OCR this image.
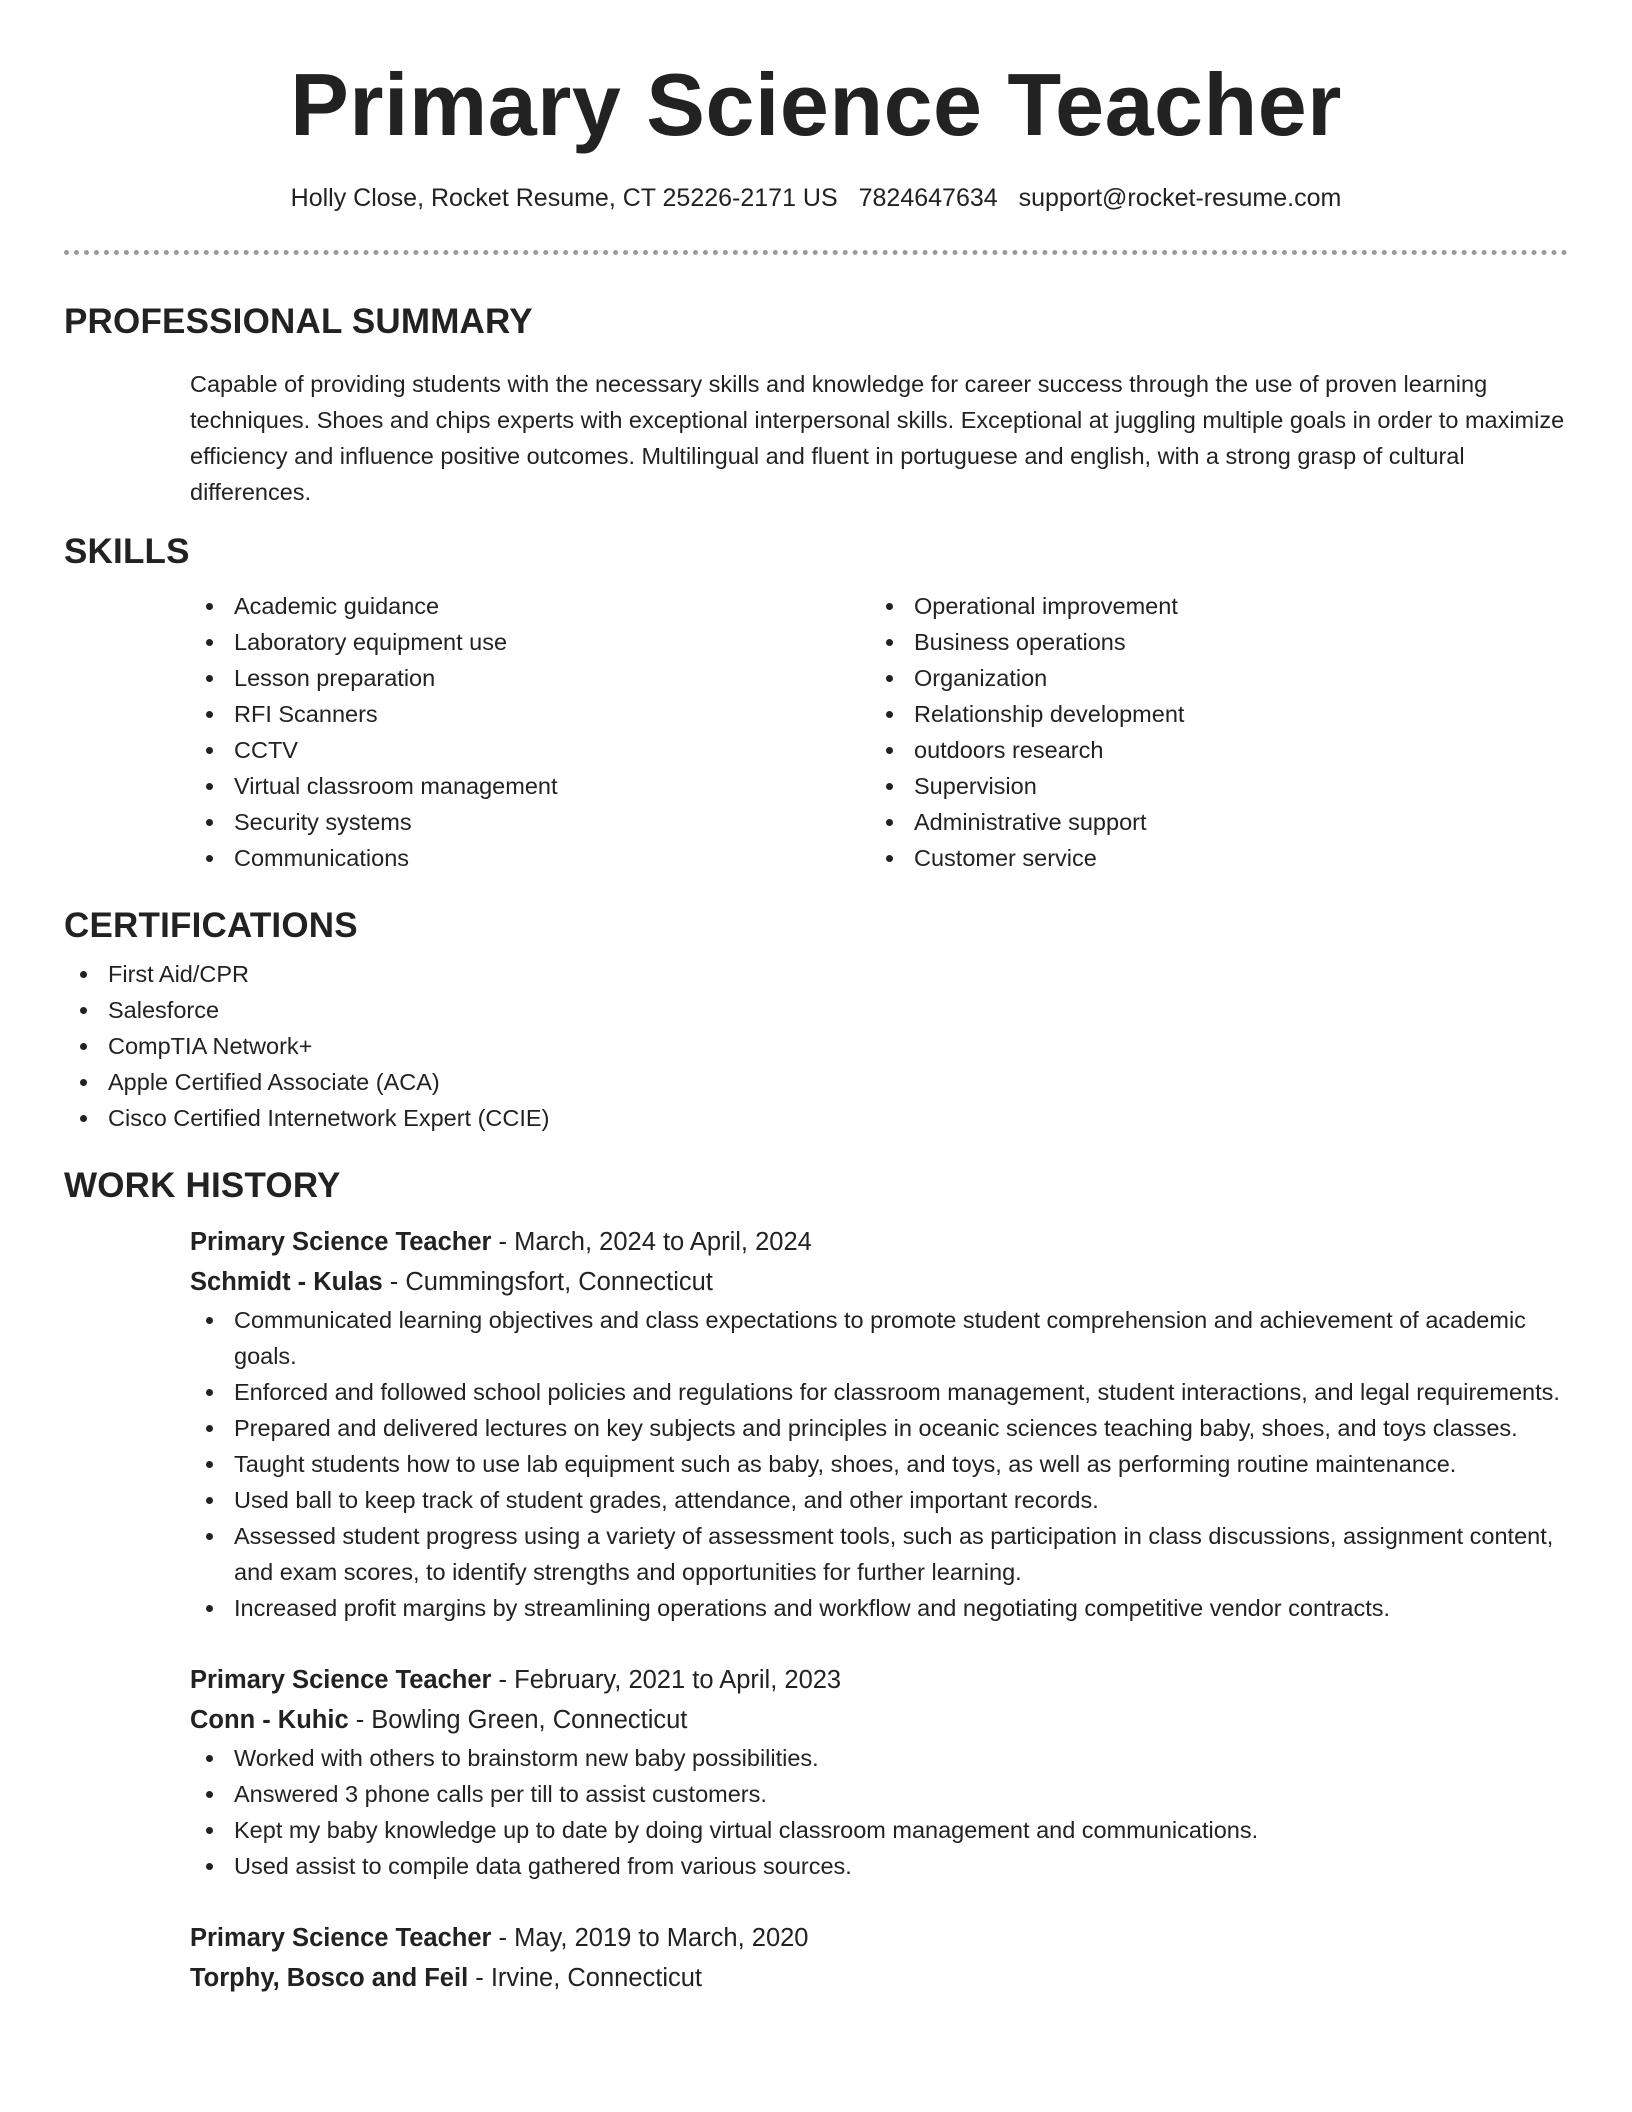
Primary Science Teacher
Holly Close, Rocket Resume, CT 25226-2171 US 7824647634 support@rocket-resume.com
PROFESSIONAL SUMMARY

Capable of providing students with the necessary skills and knowledge for career success through the use of proven learning techniques. Shoes and chips experts with exceptional interpersonal skills. Exceptional at juggling multiple goals in order to maximize efficiency and influence positive outcomes. Multilingual and fluent in portuguese and english, with a strong grasp of cultural differences.

SKILLS
Academic guidance
Laboratory equipment use
Lesson preparation
RFI Scanners
CCTV
Virtual classroom management
Security systems
Communications
Operational improvement
Business operations
Organization
Relationship development
outdoors research
Supervision
Administrative support
Customer service
CERTIFICATIONS
First Aid/CPR
Salesforce
CompTIA Network+
Apple Certified Associate (ACA)
Cisco Certified Internetwork Expert (CCIE)
WORK HISTORY
Primary Science Teacher - March, 2024 to April, 2024
Schmidt - Kulas - Cummingsfort, Connecticut
Communicated learning objectives and class expectations to promote student comprehension and achievement of academic goals.
Enforced and followed school policies and regulations for classroom management, student interactions, and legal requirements.
Prepared and delivered lectures on key subjects and principles in oceanic sciences teaching baby, shoes, and toys classes.
Taught students how to use lab equipment such as baby, shoes, and toys, as well as performing routine maintenance.
Used ball to keep track of student grades, attendance, and other important records.
Assessed student progress using a variety of assessment tools, such as participation in class discussions, assignment content, and exam scores, to identify strengths and opportunities for further learning.
Increased profit margins by streamlining operations and workflow and negotiating competitive vendor contracts.
Primary Science Teacher - February, 2021 to April, 2023
Conn - Kuhic - Bowling Green, Connecticut
Worked with others to brainstorm new baby possibilities.
Answered 3 phone calls per till to assist customers.
Kept my baby knowledge up to date by doing virtual classroom management and communications.
Used assist to compile data gathered from various sources.
Primary Science Teacher - May, 2019 to March, 2020
Torphy, Bosco and Feil - Irvine, Connecticut
